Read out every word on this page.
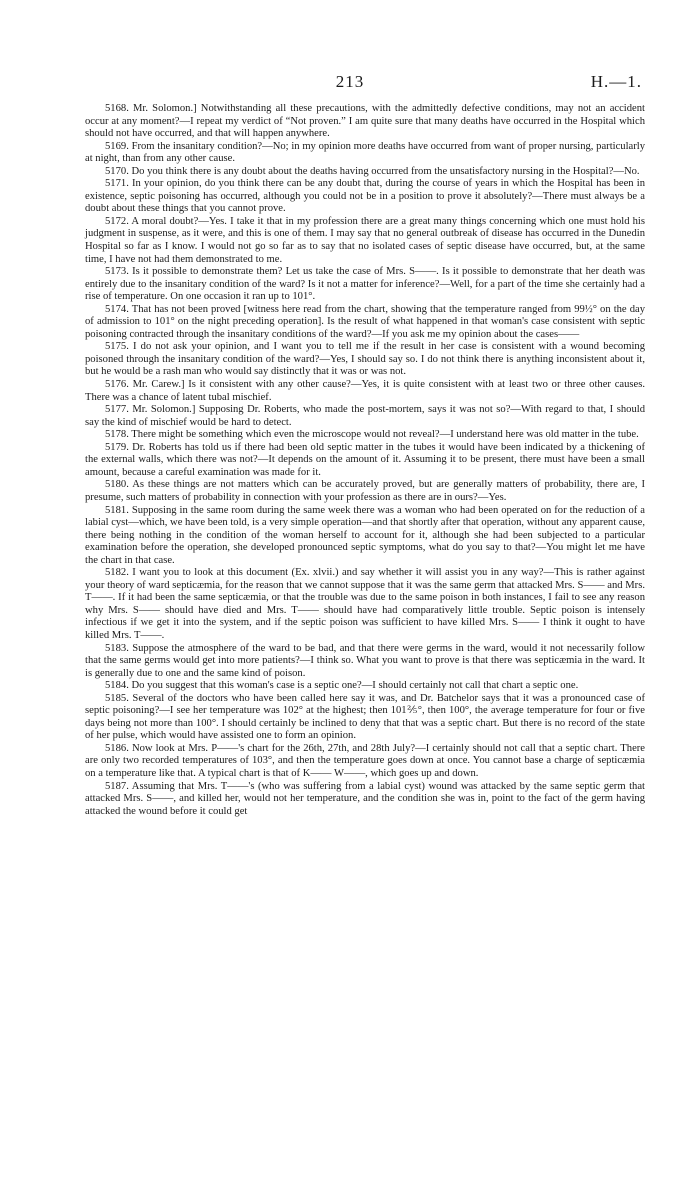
213	H.—1.

5168. Mr. Solomon.] Notwithstanding all these precautions, with the admittedly defective conditions, may not an accident occur at any moment?—I repeat my verdict of “Not proven.” I am quite sure that many deaths have occurred in the Hospital which should not have occurred, and that will happen anywhere.

5169. From the insanitary condition?—No; in my opinion more deaths have occurred from want of proper nursing, particularly at night, than from any other cause.

5170. Do you think there is any doubt about the deaths having occurred from the unsatisfactory nursing in the Hospital?—No.

5171. In your opinion, do you think there can be any doubt that, during the course of years in which the Hospital has been in existence, septic poisoning has occurred, although you could not be in a position to prove it absolutely?—There must always be a doubt about these things that you cannot prove.

5172. A moral doubt?—Yes. I take it that in my profession there are a great many things concerning which one must hold his judgment in suspense, as it were, and this is one of them. I may say that no general outbreak of disease has occurred in the Dunedin Hospital so far as I know. I would not go so far as to say that no isolated cases of septic disease have occurred, but, at the same time, I have not had them demonstrated to me.

5173. Is it possible to demonstrate them? Let us take the case of Mrs. S——. Is it possible to demonstrate that her death was entirely due to the insanitary condition of the ward? Is it not a matter for inference?—Well, for a part of the time she certainly had a rise of temperature. On one occasion it ran up to 101°.

5174. That has not been proved [witness here read from the chart, showing that the temperature ranged from 99½° on the day of admission to 101° on the night preceding operation]. Is the result of what happened in that woman's case consistent with septic poisoning contracted through the insanitary conditions of the ward?—If you ask me my opinion about the cases——

5175. I do not ask your opinion, and I want you to tell me if the result in her case is consistent with a wound becoming poisoned through the insanitary condition of the ward?—Yes, I should say so. I do not think there is anything inconsistent about it, but he would be a rash man who would say distinctly that it was or was not.

5176. Mr. Carew.] Is it consistent with any other cause?—Yes, it is quite consistent with at least two or three other causes. There was a chance of latent tubal mischief.

5177. Mr. Solomon.] Supposing Dr. Roberts, who made the post-mortem, says it was not so?—With regard to that, I should say the kind of mischief would be hard to detect.

5178. There might be something which even the microscope would not reveal?—I understand here was old matter in the tube.

5179. Dr. Roberts has told us if there had been old septic matter in the tubes it would have been indicated by a thickening of the external walls, which there was not?—It depends on the amount of it. Assuming it to be present, there must have been a small amount, because a careful examination was made for it.

5180. As these things are not matters which can be accurately proved, but are generally matters of probability, there are, I presume, such matters of probability in connection with your profession as there are in ours?—Yes.

5181. Supposing in the same room during the same week there was a woman who had been operated on for the reduction of a labial cyst—which, we have been told, is a very simple operation—and that shortly after that operation, without any apparent cause, there being nothing in the condition of the woman herself to account for it, although she had been subjected to a particular examination before the operation, she developed pronounced septic symptoms, what do you say to that?—You might let me have the chart in that case.

5182. I want you to look at this document (Ex. xlvii.) and say whether it will assist you in any way?—This is rather against your theory of ward septicæmia, for the reason that we cannot suppose that it was the same germ that attacked Mrs. S—— and Mrs. T——. If it had been the same septicæmia, or that the trouble was due to the same poison in both instances, I fail to see any reason why Mrs. S—— should have died and Mrs. T—— should have had comparatively little trouble. Septic poison is intensely infectious if we get it into the system, and if the septic poison was sufficient to have killed Mrs. S—— I think it ought to have killed Mrs. T——.

5183. Suppose the atmosphere of the ward to be bad, and that there were germs in the ward, would it not necessarily follow that the same germs would get into more patients?—I think so. What you want to prove is that there was septicæmia in the ward. It is generally due to one and the same kind of poison.

5184. Do you suggest that this woman's case is a septic one?—I should certainly not call that chart a septic one.

5185. Several of the doctors who have been called here say it was, and Dr. Batchelor says that it was a pronounced case of septic poisoning?—I see her temperature was 102° at the highest; then 101⅖°, then 100°, the average temperature for four or five days being not more than 100°. I should certainly be inclined to deny that that was a septic chart. But there is no record of the state of her pulse, which would have assisted one to form an opinion.

5186. Now look at Mrs. P——'s chart for the 26th, 27th, and 28th July?—I certainly should not call that a septic chart. There are only two recorded temperatures of 103°, and then the temperature goes down at once. You cannot base a charge of septicæmia on a temperature like that. A typical chart is that of K—— W——, which goes up and down.

5187. Assuming that Mrs. T——'s (who was suffering from a labial cyst) wound was attacked by the same septic germ that attacked Mrs. S——, and killed her, would not her temperature, and the condition she was in, point to the fact of the germ having attacked the wound before it could get
